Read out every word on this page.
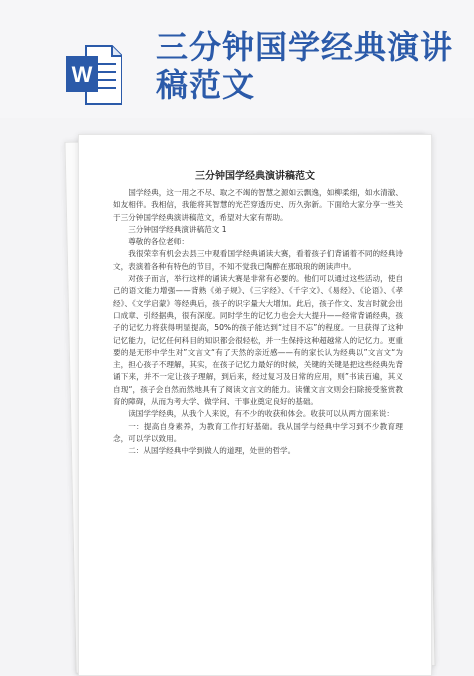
W
三分钟国学经典演讲稿范文
三分钟国学经典演讲稿范文

国学经典，这一用之不尽、取之不竭的智慧之源如云飘逸，如柳柔细，如水清澈、如友相伴。我相信，我能将其智慧的光芒穿透历史、历久弥新。下面给大家分享一些关于三分钟国学经典演讲稿范文，希望对大家有帮助。

三分钟国学经典演讲稿范文 1

尊敬的各位老师：

我很荣幸有机会去县三中观看国学经典诵读大赛，看着孩子们背诵着不同的经典诗文，表演着各种有特色的节目，不知不觉我已陶醉在那琅琅的朗读声中。

对孩子而言，举行这样的诵读大赛是非常有必要的。他们可以通过这些活动，使自己的语文能力增强——背熟《弟子规》、《三字经》、《千字文》、《易经》、《论语》、《孝经》、《文学启蒙》等经典后，孩子的识字量大大增加。此后，孩子作文、发言时就会出口成章、引经据典，很有深度。同时学生的记忆力也会大大提升——经常背诵经典，孩子的记忆力将获得明显提高，50%的孩子能达到“过目不忘”的程度。一旦获得了这种记忆能力，记忆任何科目的知识都会很轻松，并一生保持这种超越常人的记忆力。更重要的是无形中学生对”文言文“有了天然的亲近感——有的家长认为经典以”文言文“为主，担心孩子不理解，其实，在孩子记忆力最好的时候，关键的关键是把这些经典先背诵下来，并不一定让孩子理解，到后来，经过复习及日常的应用，则”书读百遍，其义自现“，孩子会自然而然地具有了阅读文言文的能力。读懂文言文则会扫除接受鉴赏教育的障碍，从而为考大学、做学问、干事业奠定良好的基础。

读国学学经典，从我个人来说，有不少的收获和体会。收获可以从两方面来说：

一：提高自身素养，为教育工作打好基础。我从国学与经典中学习到不少教育理念，可以学以致用。

二：从国学经典中学到做人的道理，处世的哲学。
